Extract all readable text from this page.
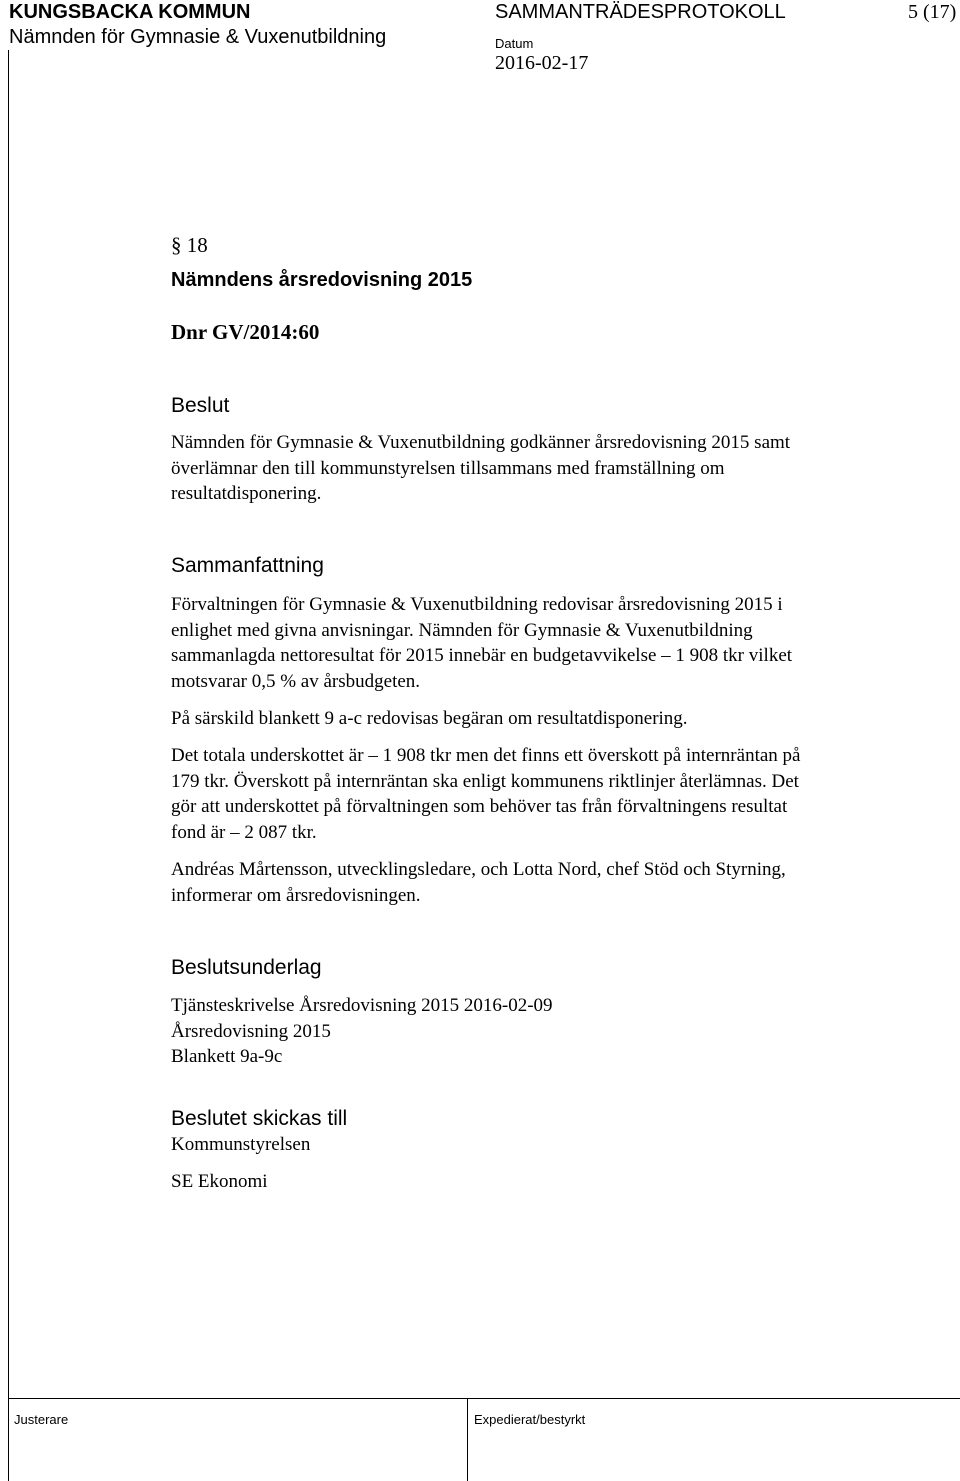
KUNGSBACKA KOMMUN
Nämnden för Gymnasie & Vuxenutbildning
SAMMANTRÄDESPROTOKOLL	5 (17)
Datum
2016-02-17
§ 18
Nämndens årsredovisning 2015
Dnr GV/2014:60
Beslut
Nämnden för Gymnasie & Vuxenutbildning godkänner årsredovisning 2015 samt
överlämnar den till kommunstyrelsen tillsammans med framställning om
resultatdisponering.
Sammanfattning
Förvaltningen för Gymnasie & Vuxenutbildning redovisar årsredovisning 2015 i
enlighet med givna anvisningar. Nämnden för Gymnasie & Vuxenutbildning
sammanlagda nettoresultat för 2015 innebär en budgetavvikelse – 1 908 tkr vilket
motsvarar 0,5 % av årsbudgeten.
På särskild blankett 9 a-c redovisas begäran om resultatdisponering.
Det totala underskottet är – 1 908 tkr men det finns ett överskott på internräntan på
179 tkr. Överskott på internräntan ska enligt kommunens riktlinjer återlämnas. Det
gör att underskottet på förvaltningen som behöver tas från förvaltningens resultat
fond är – 2 087 tkr.
Andréas Mårtensson, utvecklingsledare, och Lotta Nord, chef Stöd och Styrning,
informerar om årsredovisningen.
Beslutsunderlag
Tjänsteskrivelse Årsredovisning 2015 2016-02-09
Årsredovisning 2015
Blankett 9a-9c
Beslutet skickas till
Kommunstyrelsen
SE Ekonomi
Justerare	Expedierat/bestyrkt
